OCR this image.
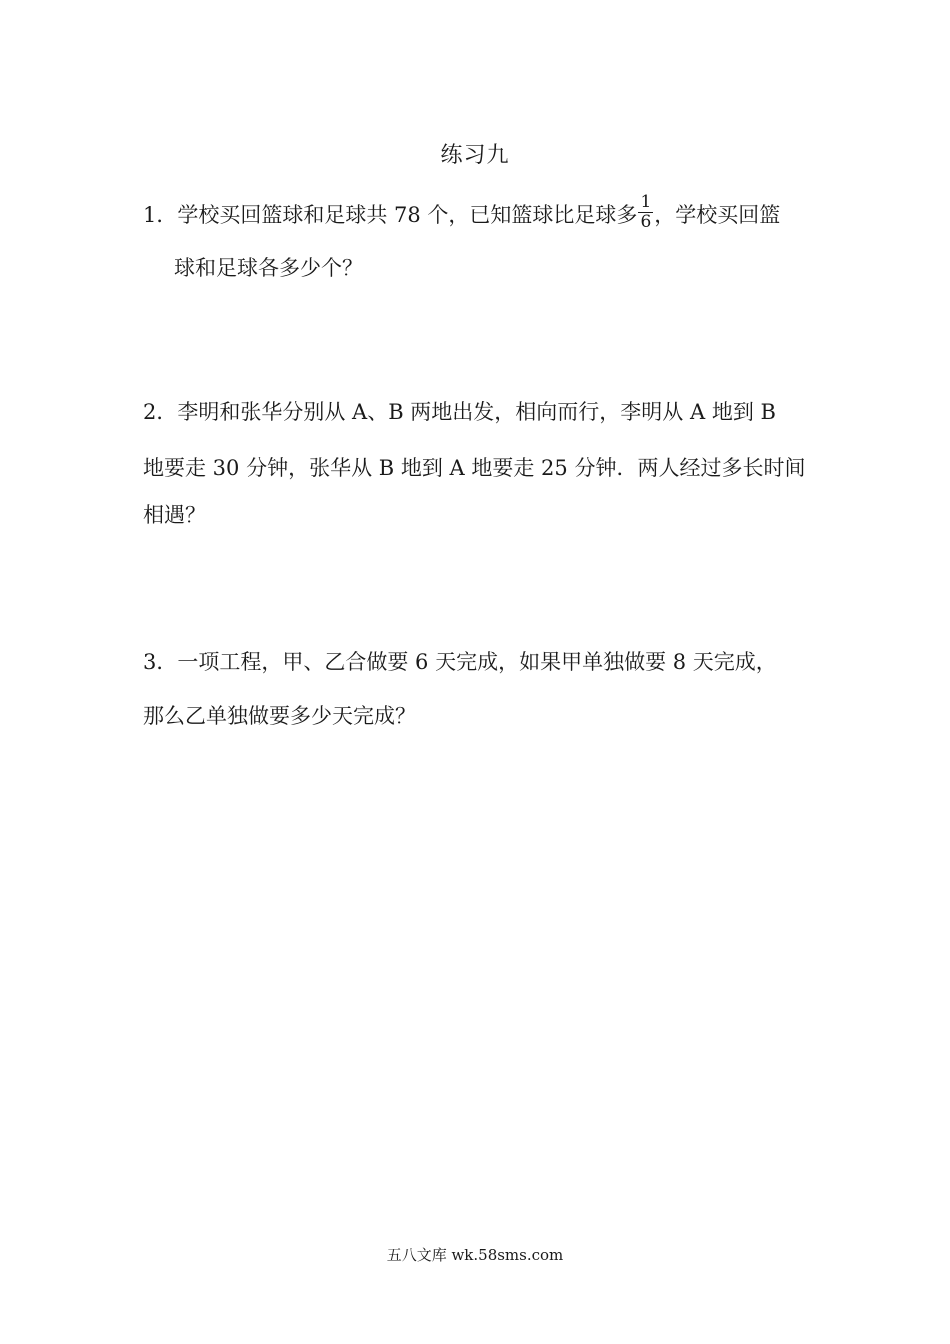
练习九
1．学校买回篮球和足球共 78 个，已知篮球比足球多 $\frac{1}{6}$ ，学校买回篮
球和足球各多少个？
2．李明和张华分别从 A、B 两地出发，相向而行，李明从 A 地到 B
地要走 30 分钟，张华从 B 地到 A 地要走 25 分钟．两人经过多长时间
相遇？
3．一项工程，甲、乙合做要 6 天完成，如果甲单独做要 8 天完成，
那么乙单独做要多少天完成？
五八文库 wk.58sms.com
